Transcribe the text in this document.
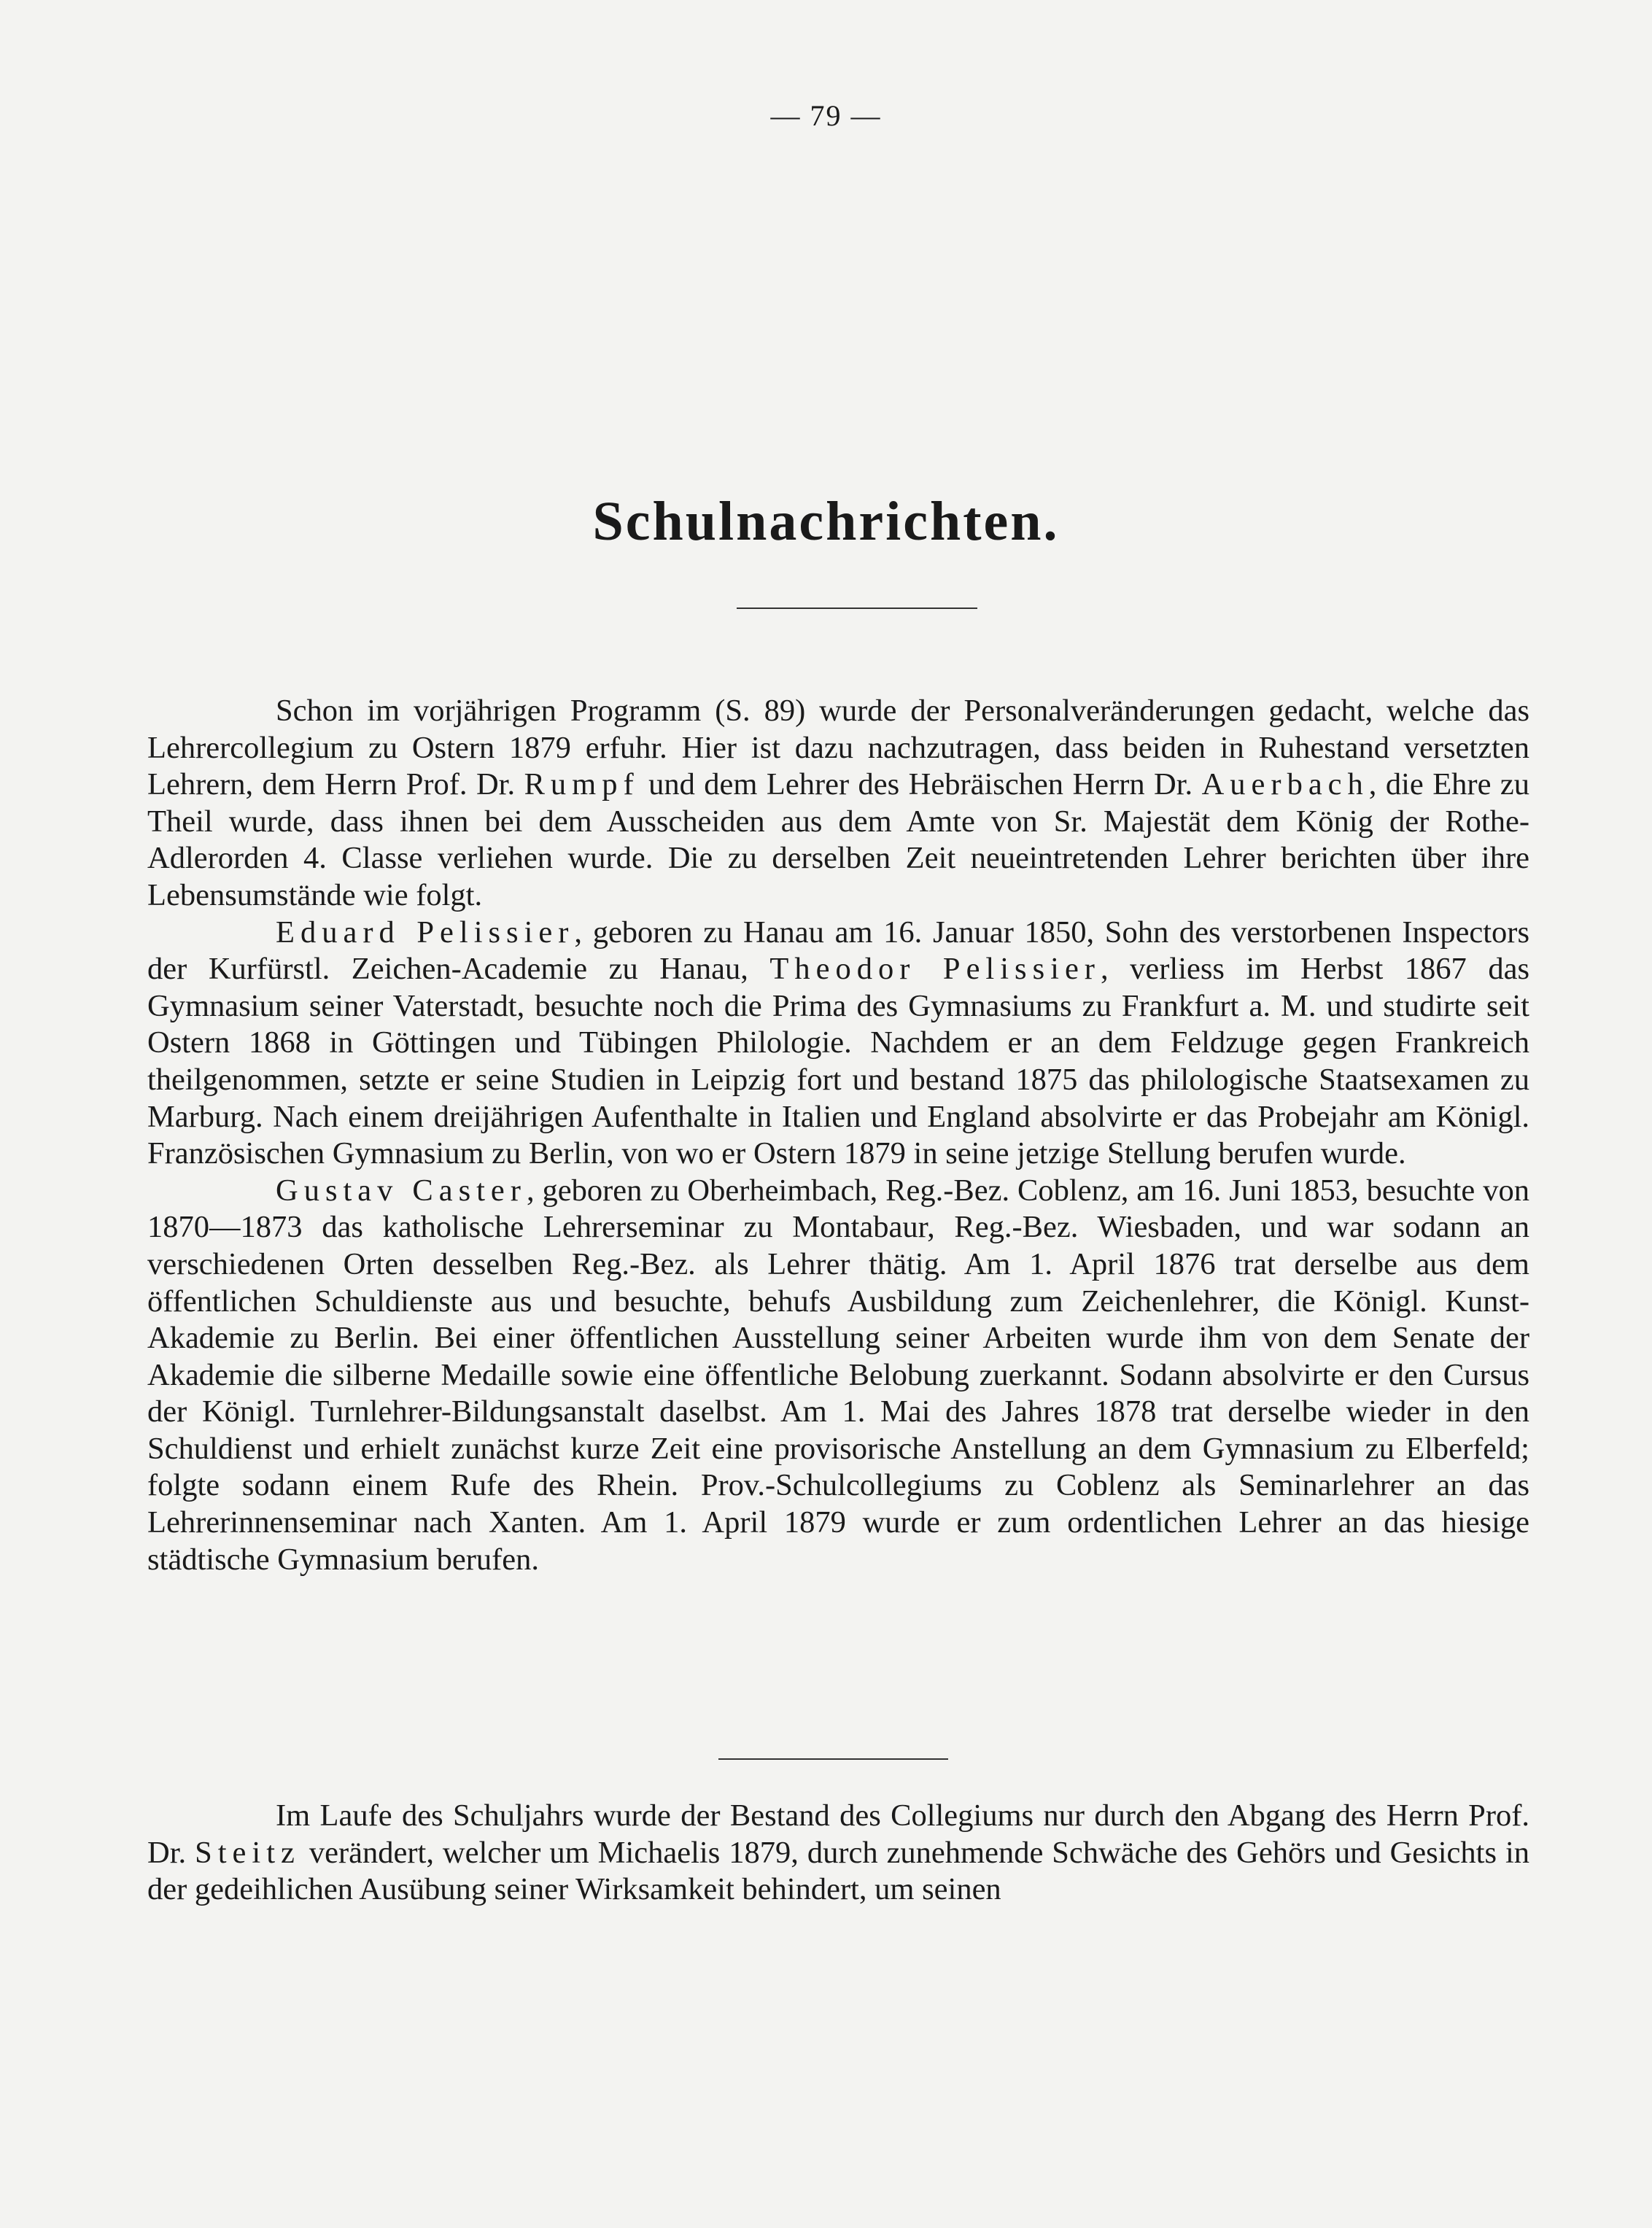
— 79 —
Schulnachrichten.

Schon im vorjährigen Programm (S. 89) wurde der Personalveränderungen gedacht, welche das Lehrercollegium zu Ostern 1879 erfuhr. Hier ist dazu nachzutragen, dass beiden in Ruhestand versetzten Lehrern, dem Herrn Prof. Dr. Rumpf und dem Lehrer des Hebräischen Herrn Dr. Auerbach, die Ehre zu Theil wurde, dass ihnen bei dem Ausscheiden aus dem Amte von Sr. Majestät dem König der Rothe-Adlerorden 4. Classe verliehen wurde. Die zu derselben Zeit neueintretenden Lehrer berichten über ihre Lebensumstände wie folgt.

Eduard Pelissier, geboren zu Hanau am 16. Januar 1850, Sohn des verstorbenen Inspectors der Kurfürstl. Zeichen-Academie zu Hanau, Theodor Pelissier, verliess im Herbst 1867 das Gymnasium seiner Vaterstadt, besuchte noch die Prima des Gymnasiums zu Frankfurt a. M. und studirte seit Ostern 1868 in Göttingen und Tübingen Philologie. Nachdem er an dem Feldzuge gegen Frankreich theilgenommen, setzte er seine Studien in Leipzig fort und bestand 1875 das philologische Staatsexamen zu Marburg. Nach einem dreijährigen Aufenthalte in Italien und England absolvirte er das Probejahr am Königl. Französischen Gymnasium zu Berlin, von wo er Ostern 1879 in seine jetzige Stellung berufen wurde.

Gustav Caster, geboren zu Oberheimbach, Reg.-Bez. Coblenz, am 16. Juni 1853, besuchte von 1870—1873 das katholische Lehrerseminar zu Montabaur, Reg.-Bez. Wiesbaden, und war sodann an verschiedenen Orten desselben Reg.-Bez. als Lehrer thätig. Am 1. April 1876 trat derselbe aus dem öffentlichen Schuldienste aus und besuchte, behufs Ausbildung zum Zeichenlehrer, die Königl. Kunst-Akademie zu Berlin. Bei einer öffentlichen Ausstellung seiner Arbeiten wurde ihm von dem Senate der Akademie die silberne Medaille sowie eine öffentliche Belobung zuerkannt. Sodann absolvirte er den Cursus der Königl. Turnlehrer-Bildungsanstalt daselbst. Am 1. Mai des Jahres 1878 trat derselbe wieder in den Schuldienst und erhielt zunächst kurze Zeit eine provisorische Anstellung an dem Gymnasium zu Elberfeld; folgte sodann einem Rufe des Rhein. Prov.-Schulcollegiums zu Coblenz als Seminarlehrer an das Lehrerinnenseminar nach Xanten. Am 1. April 1879 wurde er zum ordentlichen Lehrer an das hiesige städtische Gymnasium berufen.

Im Laufe des Schuljahrs wurde der Bestand des Collegiums nur durch den Abgang des Herrn Prof. Dr. Steitz verändert, welcher um Michaelis 1879, durch zunehmende Schwäche des Gehörs und Gesichts in der gedeihlichen Ausübung seiner Wirksamkeit behindert, um seinen
